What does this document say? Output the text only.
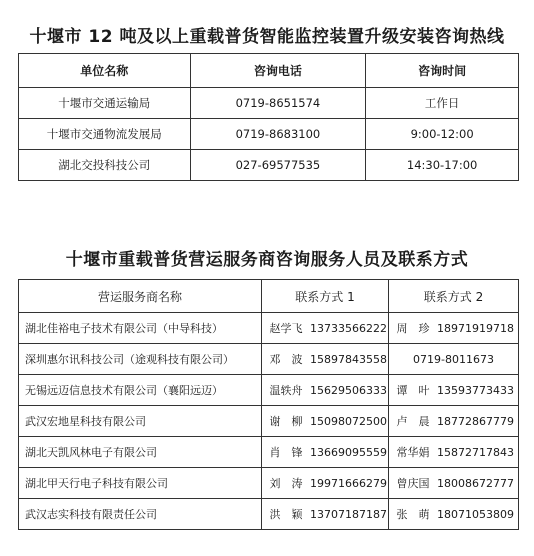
十堰市 12 吨及以上重载普货智能监控装置升级安装咨询热线
单位名称	咨询电话	咨询时间
十堰市交通运输局	0719-8651574	工作日
十堰市交通物流发展局	0719-8683100	9:00-12:00
湖北交投科技公司	027-69577535	14:30-17:00
十堰市重载普货营运服务商咨询服务人员及联系方式
营运服务商名称	联系方式 1	联系方式 2
湖北佳裕电子技术有限公司（中导科技）	赵学飞 13733566222	周　珍 18971919718
深圳惠尔讯科技公司（途观科技有限公司）	邓　波 15897843558	0719-8011673
无锡远迈信息技术有限公司（襄阳远迈）	温轶舟 15629506333	谭　叶 13593773433
武汉宏地星科技有限公司	谢　柳 15098072500	卢　晨 18772867779
湖北天凯风林电子有限公司	肖　锋 13669095559	常华娟 15872717843
湖北甲天行电子科技有限公司	刘　涛 19971666279	曾庆国 18008672777
武汉志实科技有限责任公司	洪　颖 13707187187	张　萌 18071053809
